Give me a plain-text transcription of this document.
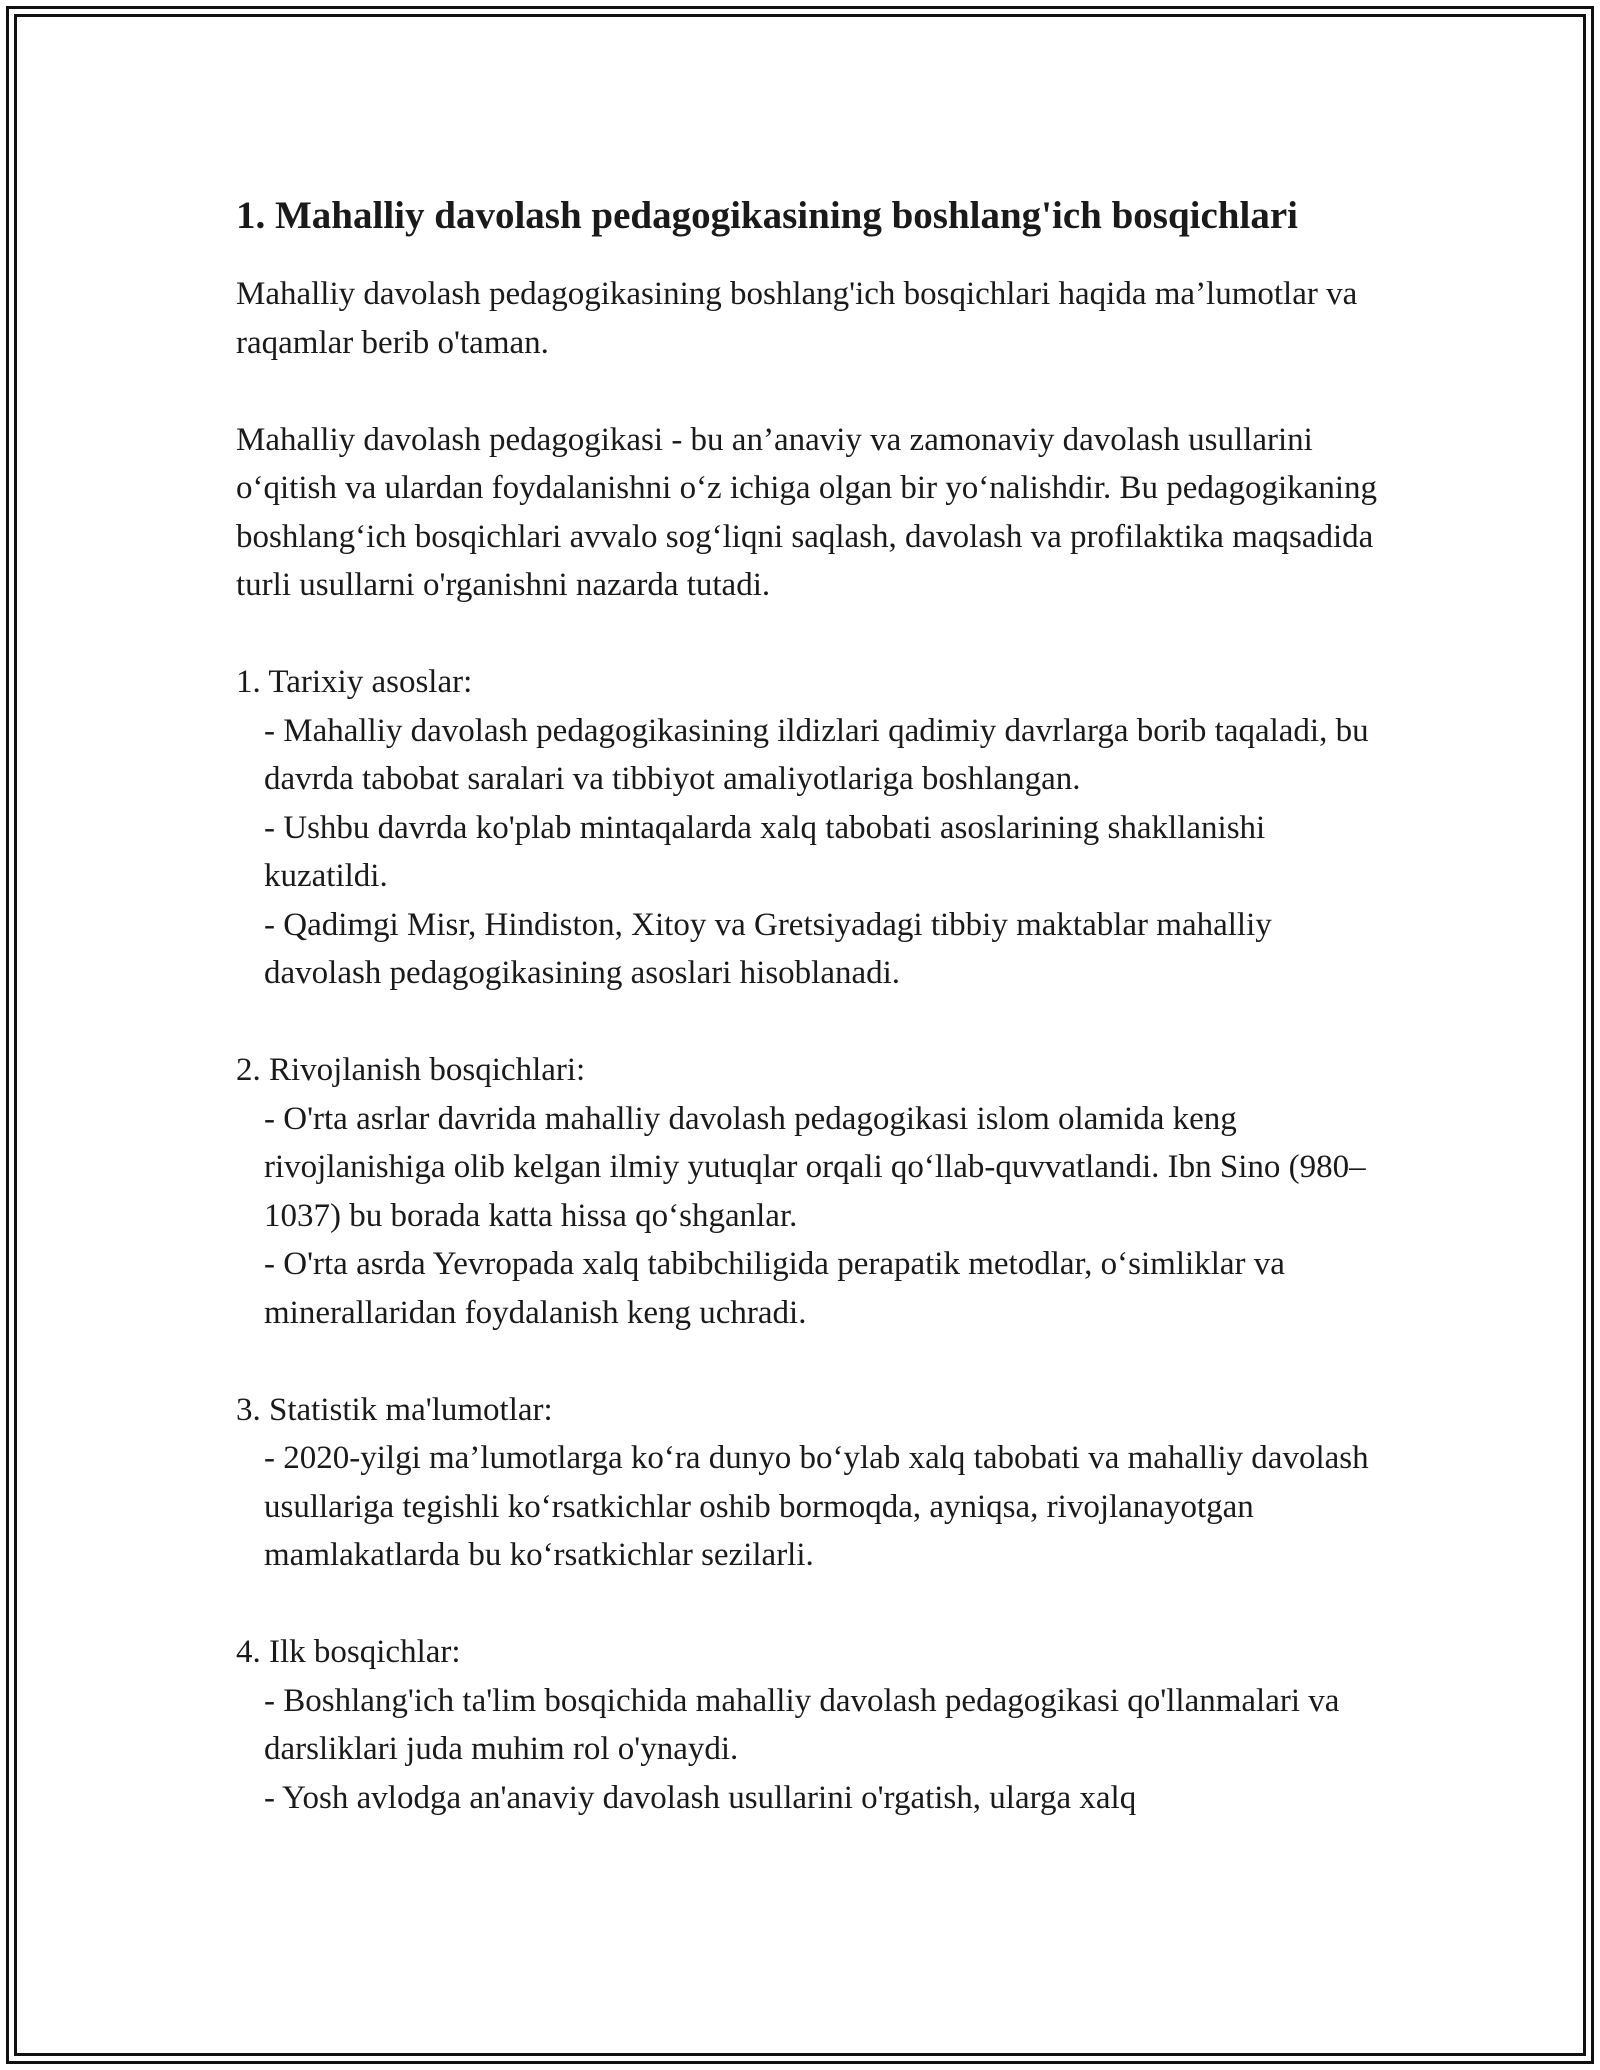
1. Mahalliy davolash pedagogikasining boshlang'ich bosqichlari

Mahalliy davolash pedagogikasining boshlang'ich bosqichlari haqida ma’lumotlar va raqamlar berib o'taman.

Mahalliy davolash pedagogikasi - bu an’anaviy va zamonaviy davolash usullarini o‘qitish va ulardan foydalanishni o‘z ichiga olgan bir yo‘nalishdir. Bu pedagogikaning boshlang‘ich bosqichlari avvalo sog‘liqni saqlash, davolash va profilaktika maqsadida turli usullarni o'rganishni nazarda tutadi.

1. Tarixiy asoslar:

- Mahalliy davolash pedagogikasining ildizlari qadimiy davrlarga borib taqaladi, bu davrda tabobat saralari va tibbiyot amaliyotlariga boshlangan.

- Ushbu davrda ko'plab mintaqalarda xalq tabobati asoslarining shakllanishi kuzatildi.

- Qadimgi Misr, Hindiston, Xitoy va Gretsiyadagi tibbiy maktablar mahalliy davolash pedagogikasining asoslari hisoblanadi.

2. Rivojlanish bosqichlari:

- O'rta asrlar davrida mahalliy davolash pedagogikasi islom olamida keng rivojlanishiga olib kelgan ilmiy yutuqlar orqali qo‘llab-quvvatlandi. Ibn Sino (980–1037) bu borada katta hissa qo‘shganlar.

- O'rta asrda Yevropada xalq tabibchiligida perapatik metodlar, o‘simliklar va minerallaridan foydalanish keng uchradi.

3. Statistik ma'lumotlar:

- 2020-yilgi ma’lumotlarga ko‘ra dunyo bo‘ylab xalq tabobati va mahalliy davolash usullariga tegishli ko‘rsatkichlar oshib bormoqda, ayniqsa, rivojlanayotgan mamlakatlarda bu ko‘rsatkichlar sezilarli.

4. Ilk bosqichlar:

- Boshlang'ich ta'lim bosqichida mahalliy davolash pedagogikasi qo'llanmalari va darsliklari juda muhim rol o'ynaydi.

- Yosh avlodga an'anaviy davolash usullarini o'rgatish, ularga xalq
